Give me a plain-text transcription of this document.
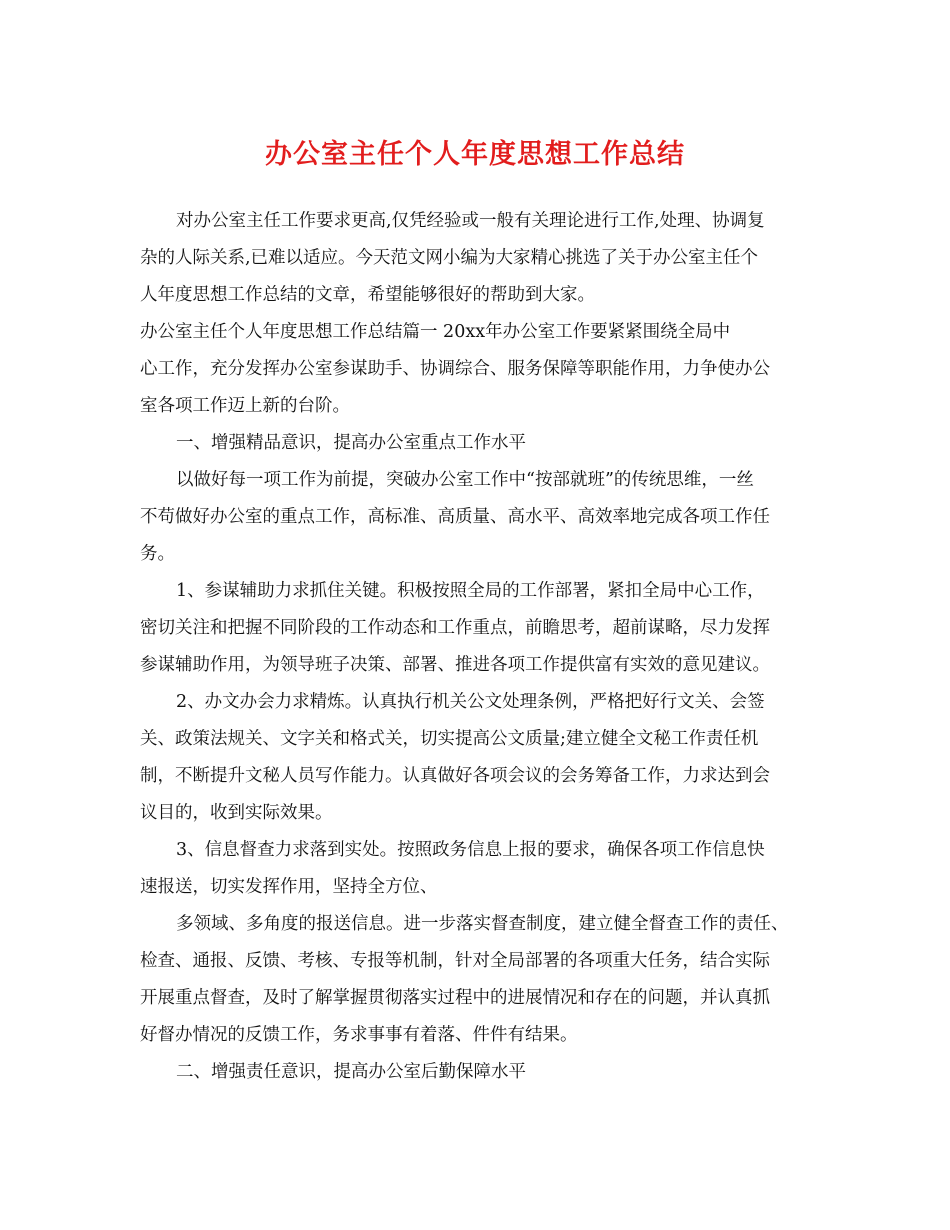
办公室主任个人年度思想工作总结
对办公室主任工作要求更高,仅凭经验或一般有关理论进行工作,处理、协调复
杂的人际关系,已难以适应。今天范文网小编为大家精心挑选了关于办公室主任个
人年度思想工作总结的文章，希望能够很好的帮助到大家。
办公室主任个人年度思想工作总结篇一 20xx年办公室工作要紧紧围绕全局中
心工作，充分发挥办公室参谋助手、协调综合、服务保障等职能作用，力争使办公
室各项工作迈上新的台阶。
一、增强精品意识，提高办公室重点工作水平
以做好每一项工作为前提，突破办公室工作中“按部就班”的传统思维，一丝
不苟做好办公室的重点工作，高标准、高质量、高水平、高效率地完成各项工作任
务。
1、参谋辅助力求抓住关键。积极按照全局的工作部署，紧扣全局中心工作，
密切关注和把握不同阶段的工作动态和工作重点，前瞻思考，超前谋略，尽力发挥
参谋辅助作用，为领导班子决策、部署、推进各项工作提供富有实效的意见建议。
2、办文办会力求精炼。认真执行机关公文处理条例，严格把好行文关、会签
关、政策法规关、文字关和格式关，切实提高公文质量;建立健全文秘工作责任机
制，不断提升文秘人员写作能力。认真做好各项会议的会务筹备工作，力求达到会
议目的，收到实际效果。
3、信息督查力求落到实处。按照政务信息上报的要求，确保各项工作信息快
速报送，切实发挥作用，坚持全方位、
多领域、多角度的报送信息。进一步落实督查制度，建立健全督查工作的责任、
检查、通报、反馈、考核、专报等机制，针对全局部署的各项重大任务，结合实际
开展重点督查，及时了解掌握贯彻落实过程中的进展情况和存在的问题，并认真抓
好督办情况的反馈工作，务求事事有着落、件件有结果。
二、增强责任意识，提高办公室后勤保障水平
